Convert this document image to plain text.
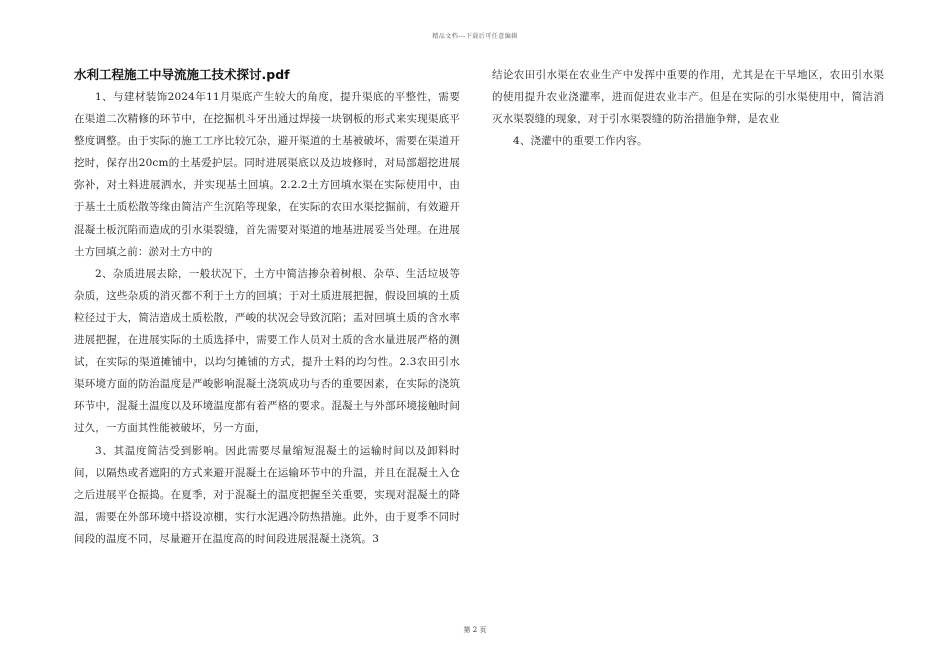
精品文档---下载后可任意编辑

水利工程施工中导流施工技术探讨.pdf

1、与建材装饰2024年11月渠底产生较大的角度，提升渠底的平整性，需要在渠道二次精修的环节中，在挖掘机斗牙出通过焊接一块钢板的形式来实现渠底平整度调整。由于实际的施工工序比较冗杂，避开渠道的土基被破坏，需要在渠道开挖时，保存出20cm的土基爱护层。同时进展渠底以及边坡修时，对局部超挖进展弥补，对土料进展洒水，并实现基土回填。2.2.2土方回填水渠在实际使用中，由于基土土质松散等缘由简洁产生沉陷等现象，在实际的农田水渠挖掘前，有效避开混凝土板沉陷而造成的引水渠裂缝，首先需要对渠道的地基进展妥当处理。在进展土方回填之前：淤对土方中的

2、杂质进展去除，一般状况下，土方中简洁掺杂着树根、杂草、生活垃圾等杂质，这些杂质的消灭都不利于土方的回填；于对土质进展把握，假设回填的土质粒径过于大，简洁造成土质松散，严峻的状况会导致沉陷；盂对回填土质的含水率进展把握，在进展实际的土质选择中，需要工作人员对土质的含水量进展严格的测试，在实际的渠道摊铺中，以均匀摊铺的方式，提升土料的均匀性。2.3农田引水渠环境方面的防治温度是严峻影响混凝土浇筑成功与否的重要因素，在实际的浇筑环节中，混凝土温度以及环境温度都有着严格的要求。混凝土与外部环境接触时间过久，一方面其性能被破坏，另一方面，

3、其温度简洁受到影响。因此需要尽量缩短混凝土的运输时间以及卸料时间，以隔热或者遮阳的方式来避开混凝土在运输环节中的升温，并且在混凝土入仓之后进展平仓振捣。在夏季，对于混凝土的温度把握至关重要，实现对混凝土的降温，需要在外部环境中搭设凉棚，实行水泥遇冷防热措施。此外，由于夏季不同时间段的温度不同，尽量避开在温度高的时间段进展混凝土浇筑。3

结论农田引水渠在农业生产中发挥中重要的作用，尤其是在干旱地区，农田引水渠的使用提升农业浇灌率，进而促进农业丰产。但是在实际的引水渠使用中，简洁消灭水渠裂缝的现象，对于引水渠裂缝的防治措施争辩，是农业

4、浇灌中的重要工作内容。

第 2 页
